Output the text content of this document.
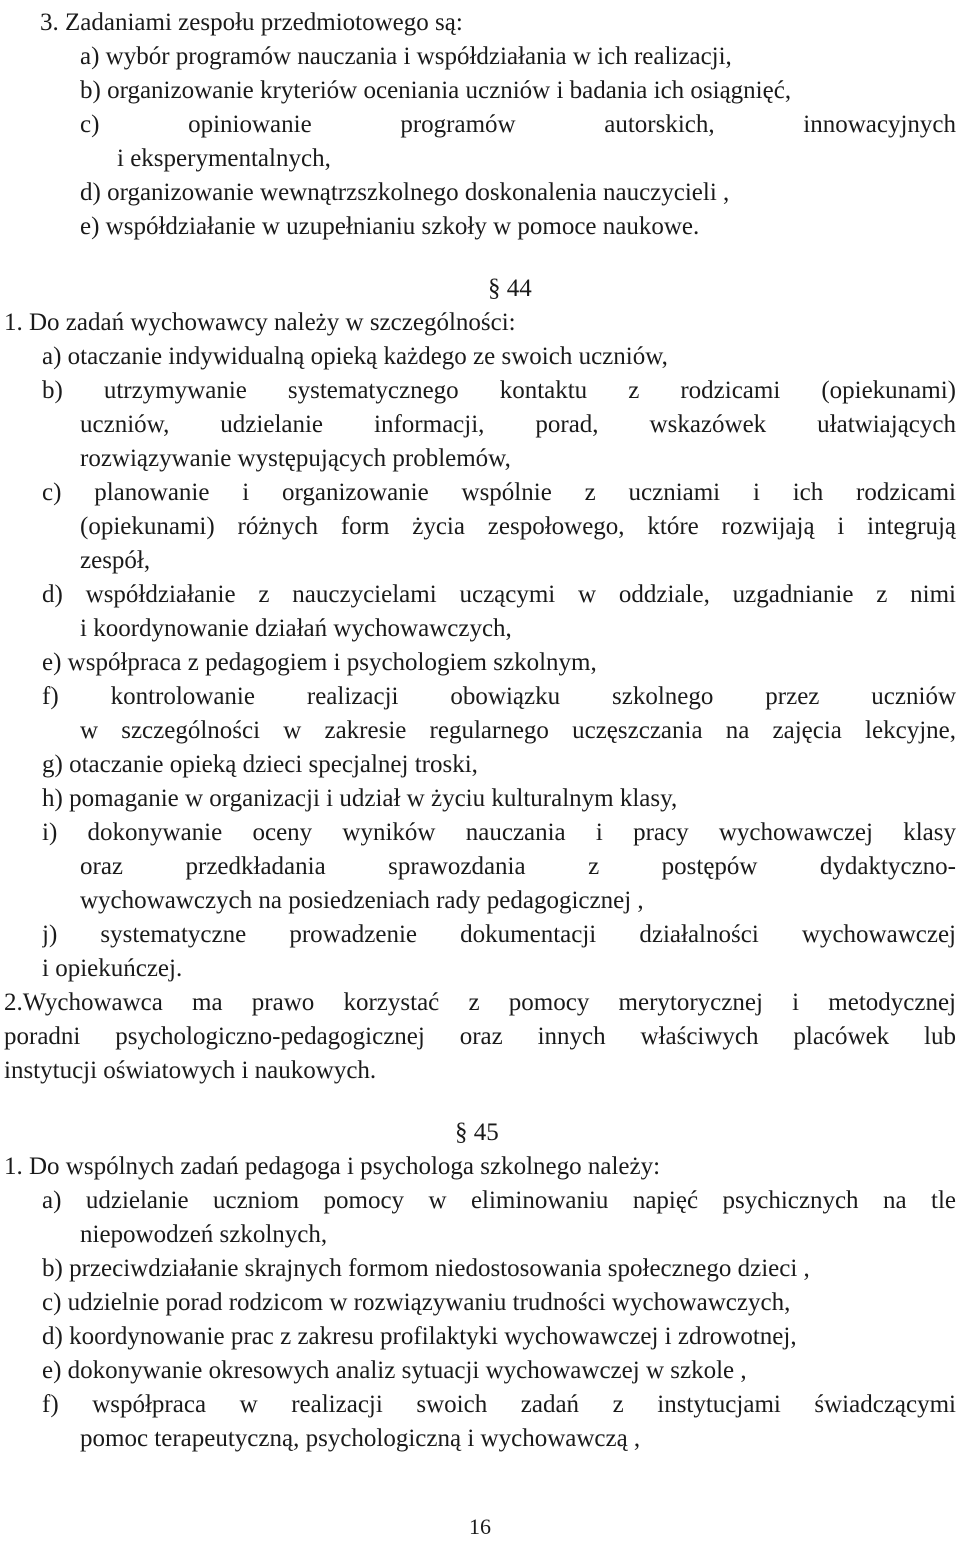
3. Zadaniami zespołu przedmiotowego są:
a) wybór programów nauczania i współdziałania w ich realizacji,
b) organizowanie kryteriów oceniania uczniów i badania ich osiągnięć,
c) opiniowanie programów autorskich, innowacyjnych
i eksperymentalnych,
d) organizowanie wewnątrzszkolnego doskonalenia nauczycieli ,
e) współdziałanie w uzupełnianiu szkoły w pomoce naukowe.
§ 44
1. Do zadań wychowawcy należy w szczególności:
a) otaczanie indywidualną opieką każdego ze swoich uczniów,
b) utrzymywanie systematycznego kontaktu z rodzicami (opiekunami)
uczniów, udzielanie informacji, porad, wskazówek ułatwiających
rozwiązywanie występujących problemów,
c) planowanie i organizowanie wspólnie z uczniami i ich rodzicami
(opiekunami) różnych form życia zespołowego, które rozwijają i integrują
zespół,
d) współdziałanie z nauczycielami uczącymi w oddziale, uzgadnianie z nimi
i koordynowanie działań wychowawczych,
e) współpraca z pedagogiem i psychologiem szkolnym,
f) kontrolowanie realizacji obowiązku szkolnego przez uczniów
w szczególności w zakresie regularnego uczęszczania na zajęcia lekcyjne,
g) otaczanie opieką dzieci specjalnej troski,
h) pomaganie w organizacji i udział w życiu kulturalnym klasy,
i) dokonywanie oceny wyników nauczania i pracy wychowawczej klasy
oraz przedkładania sprawozdania z postępów dydaktyczno-
wychowawczych na posiedzeniach rady pedagogicznej ,
j) systematyczne prowadzenie dokumentacji działalności wychowawczej
i opiekuńczej.
2.Wychowawca ma prawo korzystać z pomocy merytorycznej i metodycznej
poradni psychologiczno-pedagogicznej oraz innych właściwych placówek lub
instytucji oświatowych i naukowych.
§ 45
1. Do wspólnych zadań pedagoga i psychologa szkolnego należy:
a) udzielanie uczniom pomocy w eliminowaniu napięć psychicznych na tle
niepowodzeń szkolnych,
b) przeciwdziałanie skrajnych formom niedostosowania społecznego dzieci ,
c) udzielnie porad rodzicom w rozwiązywaniu trudności wychowawczych,
d) koordynowanie prac z zakresu profilaktyki wychowawczej i zdrowotnej,
e) dokonywanie okresowych analiz sytuacji wychowawczej w szkole ,
f) współpraca w realizacji swoich zadań z instytucjami świadczącymi
pomoc terapeutyczną, psychologiczną i wychowawczą ,
16
